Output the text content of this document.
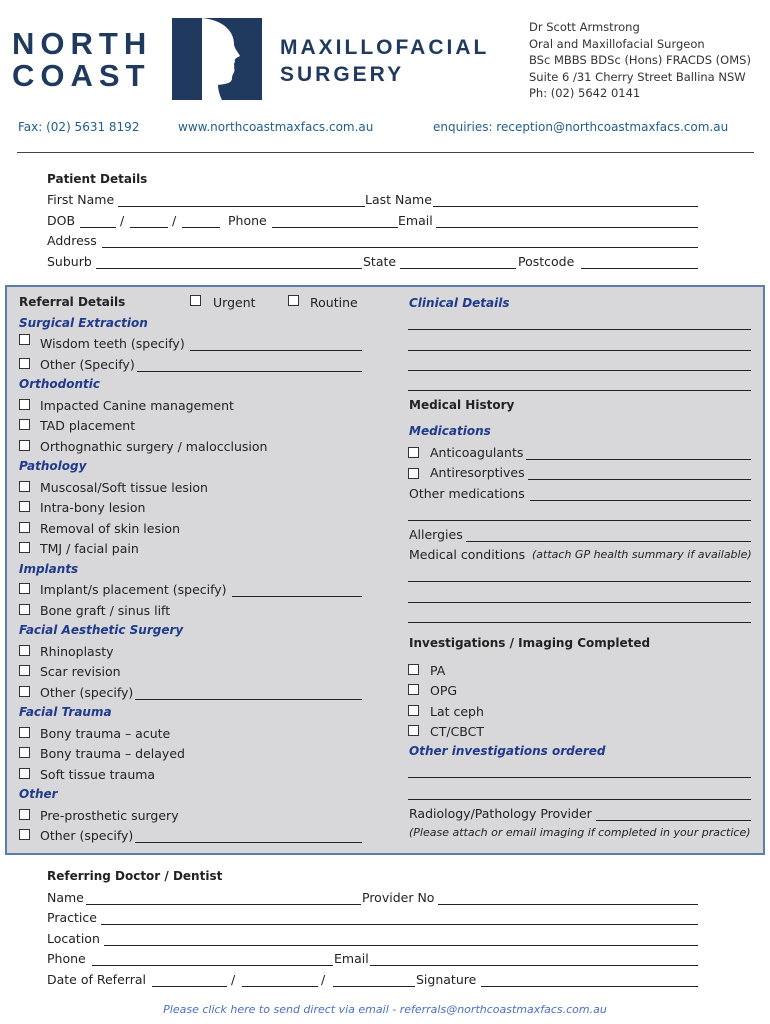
NORTH
COAST
MAXILLOFACIAL
SURGERY
Dr Scott Armstrong
Oral and Maxillofacial Surgeon
BSc MBBS BDSc (Hons) FRACDS (OMS)
Suite 6 /31 Cherry Street Ballina NSW
Ph: (02) 5642 0141
Fax: (02) 5631 8192	www.northcoastmaxfacs.com.au	enquiries: reception@northcoastmaxfacs.com.au
Patient Details
First Name	Last Name
DOB	/	/	Phone	Email
Address
Suburb	State	Postcode
Referral Details	Urgent	Routine
Surgical Extraction
Wisdom teeth (specify)
Other (Specify)
Orthodontic
Impacted Canine management
TAD placement
Orthognathic surgery / malocclusion
Pathology
Muscosal/Soft tissue lesion
Intra-bony lesion
Removal of skin lesion
TMJ / facial pain
Implants
Implant/s placement (specify)
Bone graft / sinus lift
Facial Aesthetic Surgery
Rhinoplasty
Scar revision
Other (specify)
Facial Trauma
Bony trauma – acute
Bony trauma – delayed
Soft tissue trauma
Other
Pre-prosthetic surgery
Other (specify)
Clinical Details
Medical History
Medications
Anticoagulants
Antiresorptives
Other medications
Allergies
Medical conditions (attach GP health summary if available)
Investigations / Imaging Completed
PA
OPG
Lat ceph
CT/CBCT
Other investigations ordered
Radiology/Pathology Provider
(Please attach or email imaging if completed in your practice)
Referring Doctor / Dentist
Name	Provider No
Practice
Location
Phone	Email
Date of Referral	/	/	Signature
Please click here to send direct via email - referrals@northcoastmaxfacs.com.au
